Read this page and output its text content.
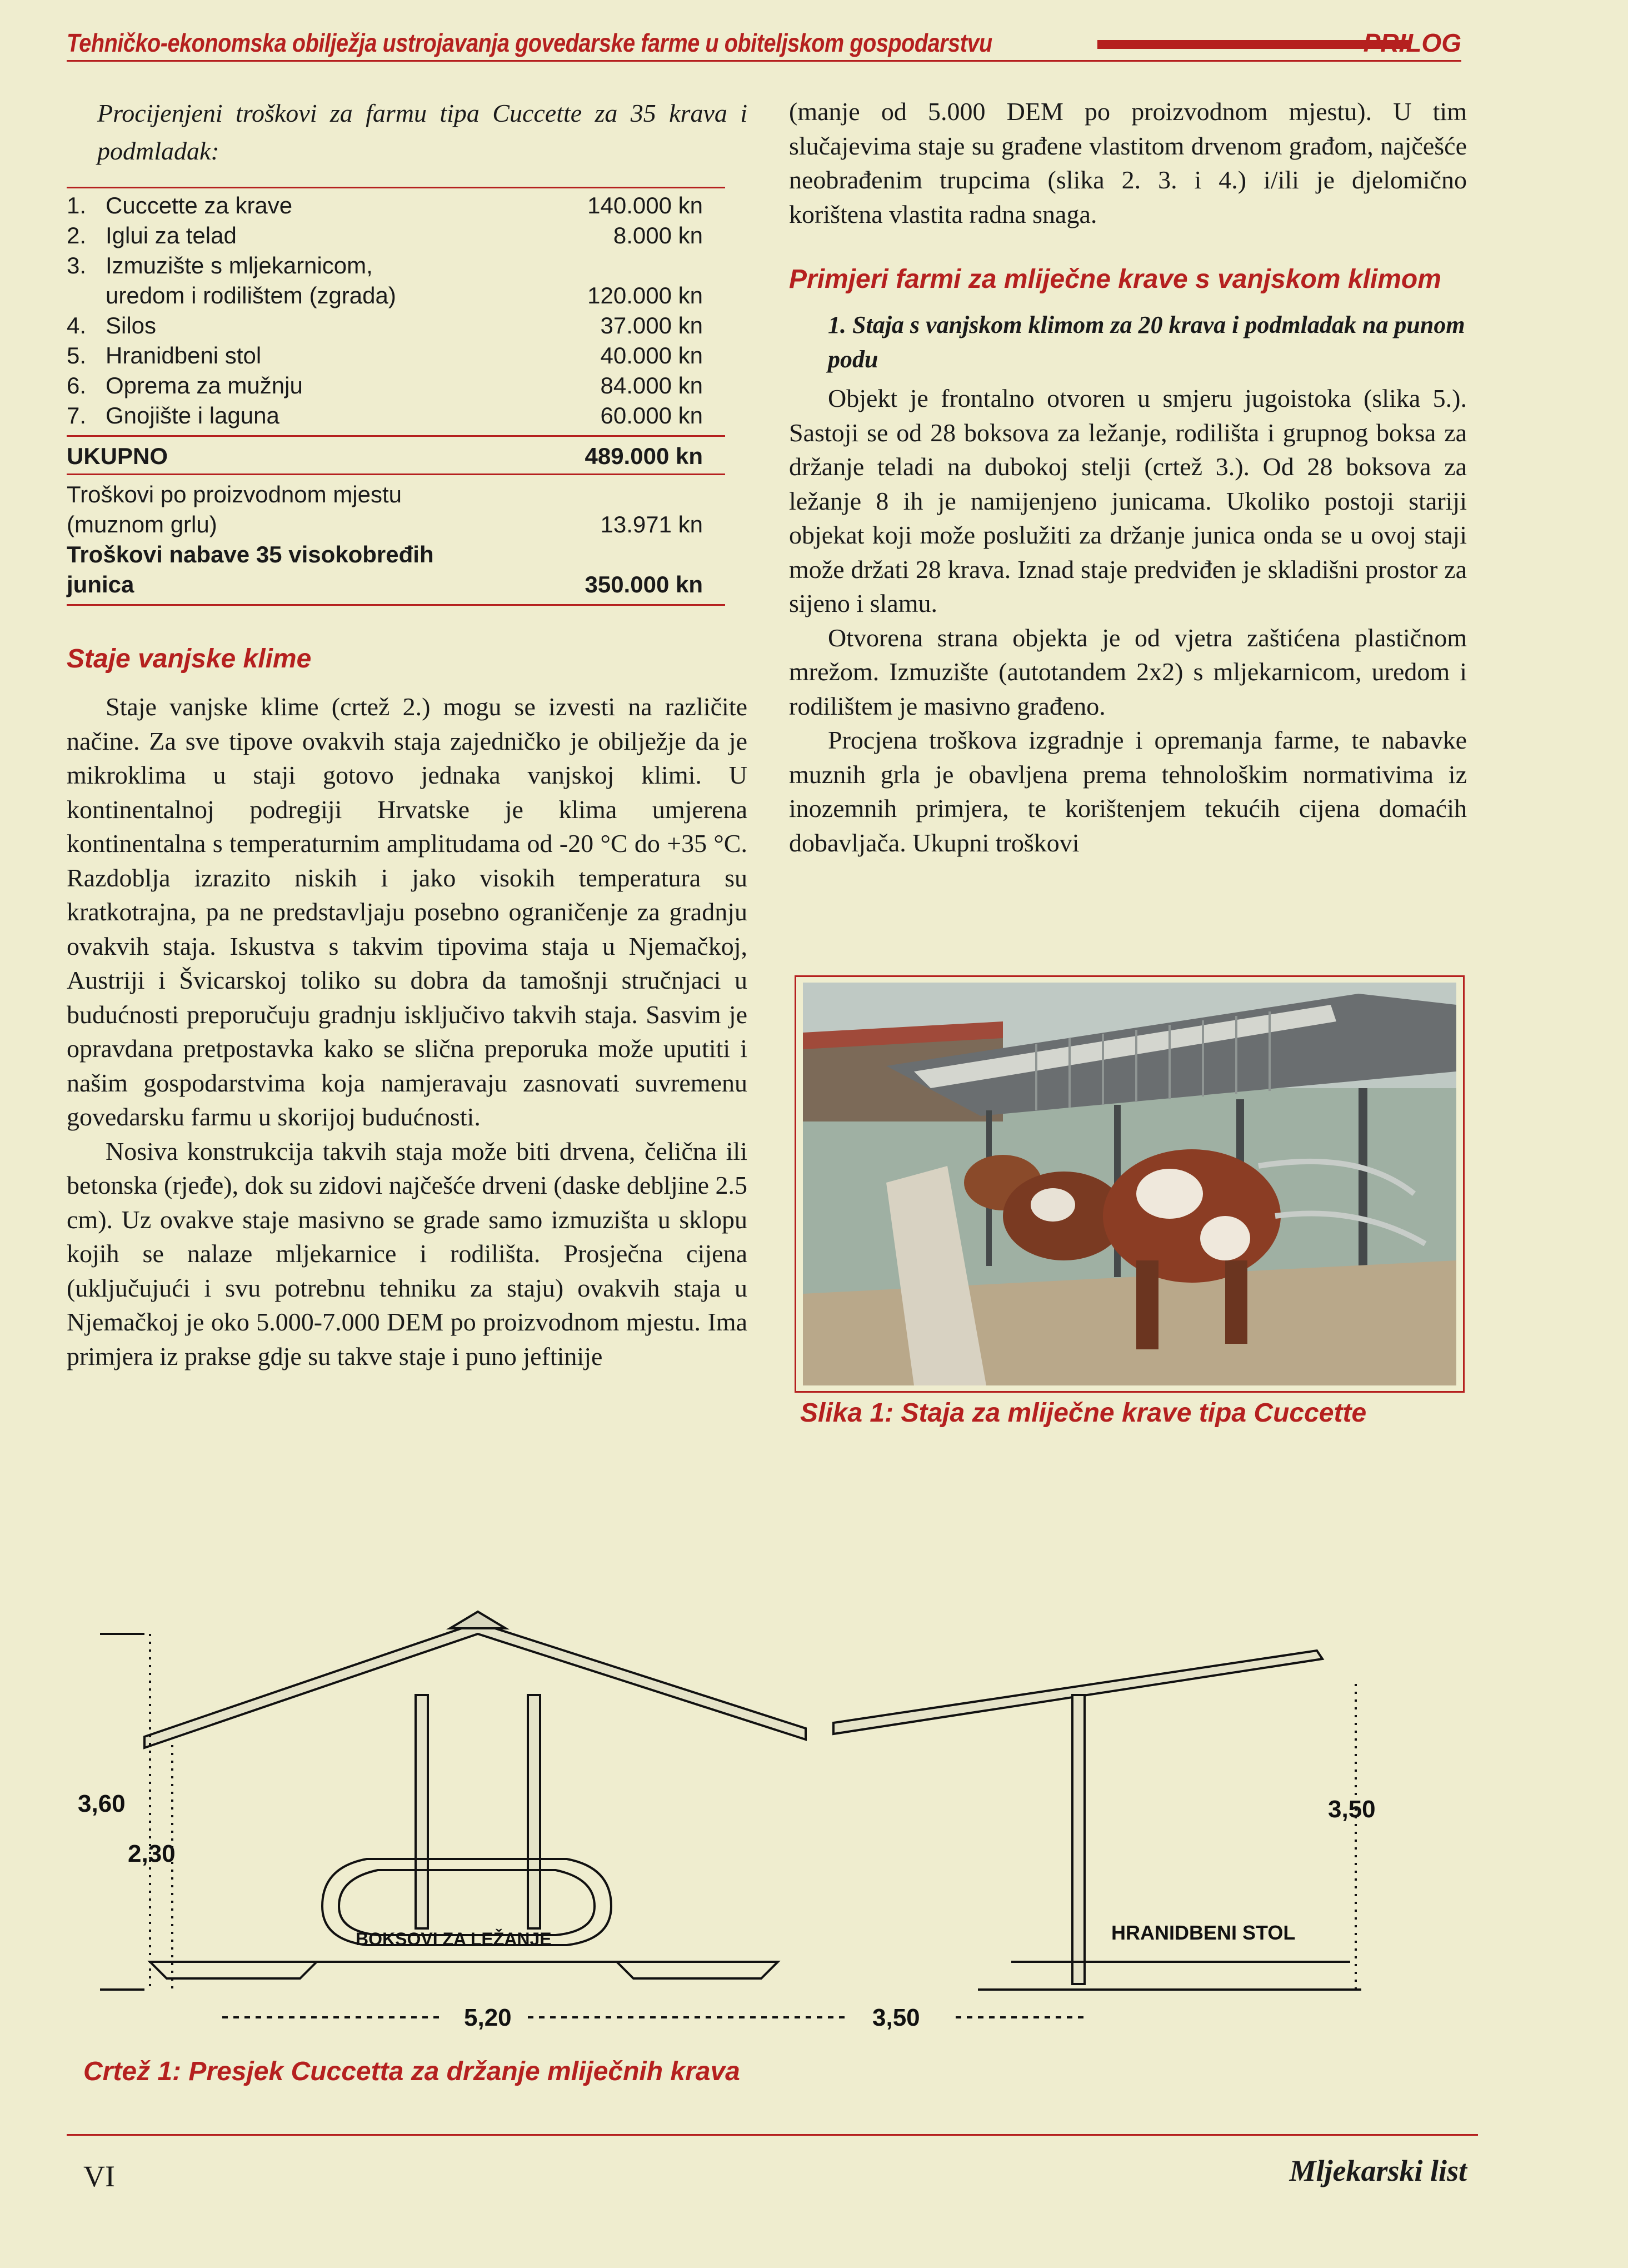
Tehničko-ekonomska obilježja ustrojavanja govedarske farme u obiteljskom gospodarstvu	PRILOG

Procijenjeni troškovi za farmu tipa Cuccette za 35 krava i podmladak:

1. Cuccette za krave	140.000 kn
2. Iglui za telad	8.000 kn
3. Izmuzište s mljekarnicom,
uredom i rodilištem (zgrada)	120.000 kn
4. Silos	37.000 kn
5. Hranidbeni stol	40.000 kn
6. Oprema za mužnju	84.000 kn
7. Gnojište i laguna	60.000 kn
UKUPNO	489.000 kn
Troškovi po proizvodnom mjestu
(muznom grlu)	13.971 kn
Troškovi nabave 35 visokobređih
junica	350.000 kn
Staje vanjske klime

Staje vanjske klime (crtež 2.) mogu se izvesti na različite načine. Za sve tipove ovakvih staja zajedničko je obilježje da je mikroklima u staji gotovo jednaka vanjskoj klimi. U kontinentalnoj podregiji Hrvatske je klima umjerena kontinentalna s temperaturnim amplitudama od -20 °C do +35 °C. Razdoblja izrazito niskih i jako visokih temperatura su kratkotrajna, pa ne predstavljaju posebno ograničenje za gradnju ovakvih staja. Iskustva s takvim tipovima staja u Njemačkoj, Austriji i Švicarskoj toliko su dobra da tamošnji stručnjaci u budućnosti preporučuju gradnju isključivo takvih staja. Sasvim je opravdana pretpostavka kako se slična preporuka može uputiti i našim gospodarstvima koja namjeravaju zasnovati suvremenu govedarsku farmu u skorijoj budućnosti.

Nosiva konstrukcija takvih staja može biti drvena, čelična ili betonska (rjeđe), dok su zidovi najčešće drveni (daske debljine 2.5 cm). Uz ovakve staje masivno se grade samo izmuzišta u sklopu kojih se nalaze mljekarnice i rodilišta. Prosječna cijena (uključujući i svu potrebnu tehniku za staju) ovakvih staja u Njemačkoj je oko 5.000-7.000 DEM po proizvodnom mjestu. Ima primjera iz prakse gdje su takve staje i puno jeftinije

(manje od 5.000 DEM po proizvodnom mjestu). U tim slučajevima staje su građene vlastitom drvenom građom, najčešće neobrađenim trupcima (slika 2. 3. i 4.) i/ili je djelomično korištena vlastita radna snaga.

Primjeri farmi za mliječne krave s vanjskom klimom
1. Staja s vanjskom klimom za 20 krava i podmladak na punom podu

Objekt je frontalno otvoren u smjeru jugoistoka (slika 5.). Sastoji se od 28 boksova za ležanje, rodilišta i grupnog boksa za držanje teladi na dubokoj stelji (crtež 3.). Od 28 boksova za ležanje 8 ih je namijenjeno junicama. Ukoliko postoji stariji objekat koji može poslužiti za držanje junica onda se u ovoj staji može držati 28 krava. Iznad staje predviđen je skladišni prostor za sijeno i slamu.

Otvorena strana objekta je od vjetra zaštićena plastičnom mrežom. Izmuzište (autotandem 2x2) s mljekarnicom, uredom i rodilištem je masivno građeno.

Procjena troškova izgradnje i opremanja farme, te nabavke muznih grla je obavljena prema tehnološkim normativima iz inozemnih primjera, te korištenjem tekućih cijena domaćih dobavljača. Ukupni troškovi

Slika 1: Staja za mliječne krave tipa Cuccette
3,60
2,30
BOKSOVI ZA LEŽANJE
3,50
HRANIDBENI STOL
5,20	3,50
Crtež 1: Presjek Cuccetta za držanje mliječnih krava
VI	Mljekarski list
